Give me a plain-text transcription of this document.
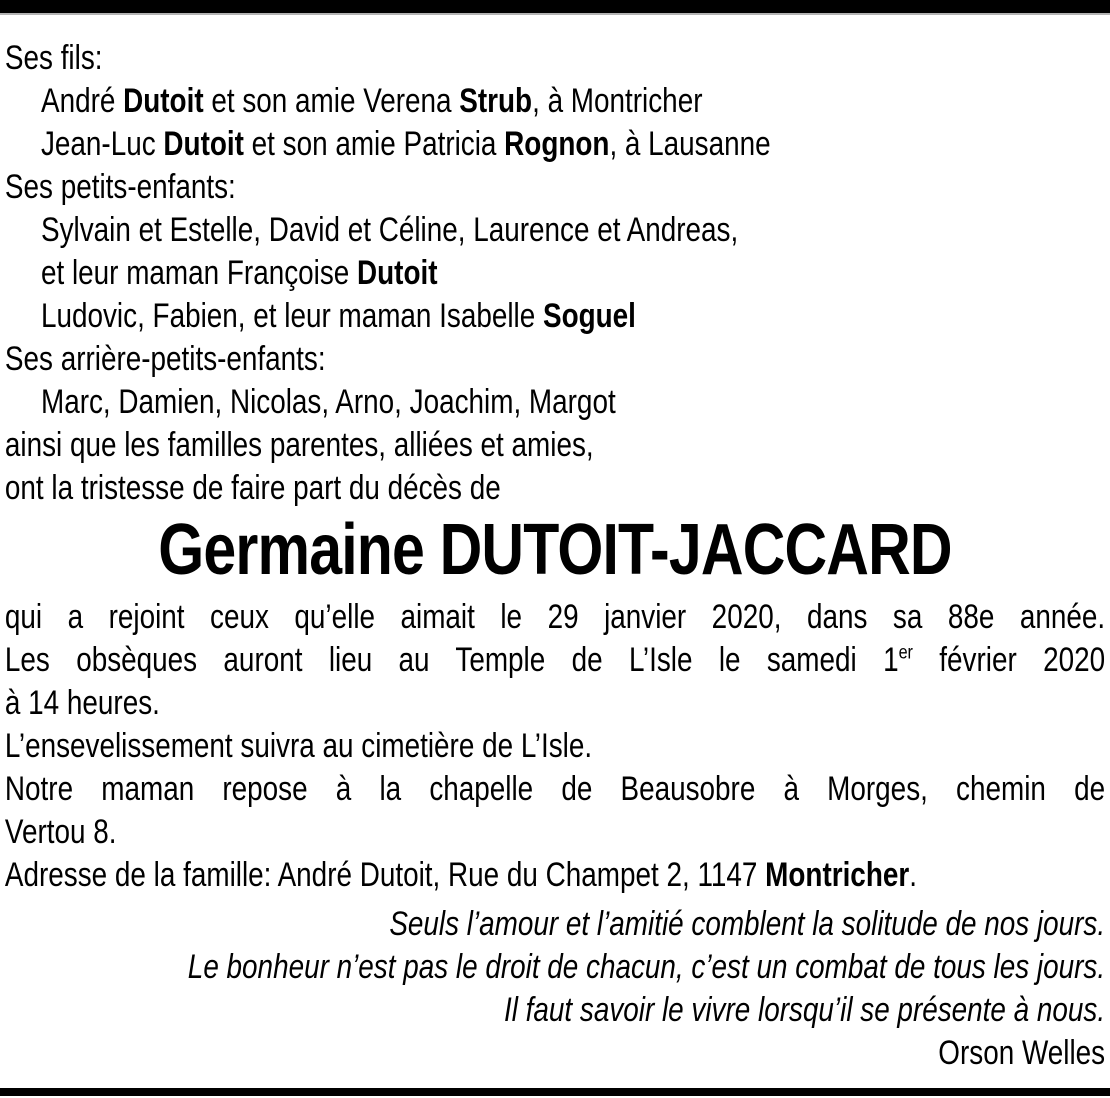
Ses fils:
André Dutoit et son amie Verena Strub, à Montricher
Jean-Luc Dutoit et son amie Patricia Rognon, à Lausanne
Ses petits-enfants:
Sylvain et Estelle, David et Céline, Laurence et Andreas,
et leur maman Françoise Dutoit
Ludovic, Fabien, et leur maman Isabelle Soguel
Ses arrière-petits-enfants:
Marc, Damien, Nicolas, Arno, Joachim, Margot
ainsi que les familles parentes, alliées et amies,
ont la tristesse de faire part du décès de
Germaine DUTOIT-JACCARD
qui a rejoint ceux qu’elle aimait le 29 janvier 2020, dans sa 88e année.
Les obsèques auront lieu au Temple de L’Isle le samedi 1er février 2020
à 14 heures.
L’ensevelissement suivra au cimetière de L’Isle.
Notre maman repose à la chapelle de Beausobre à Morges, chemin de
Vertou 8.
Adresse de la famille: André Dutoit, Rue du Champet 2, 1147 Montricher.
Seuls l’amour et l’amitié comblent la solitude de nos jours.
Le bonheur n’est pas le droit de chacun, c’est un combat de tous les jours.
Il faut savoir le vivre lorsqu’il se présente à nous.
Orson Welles
